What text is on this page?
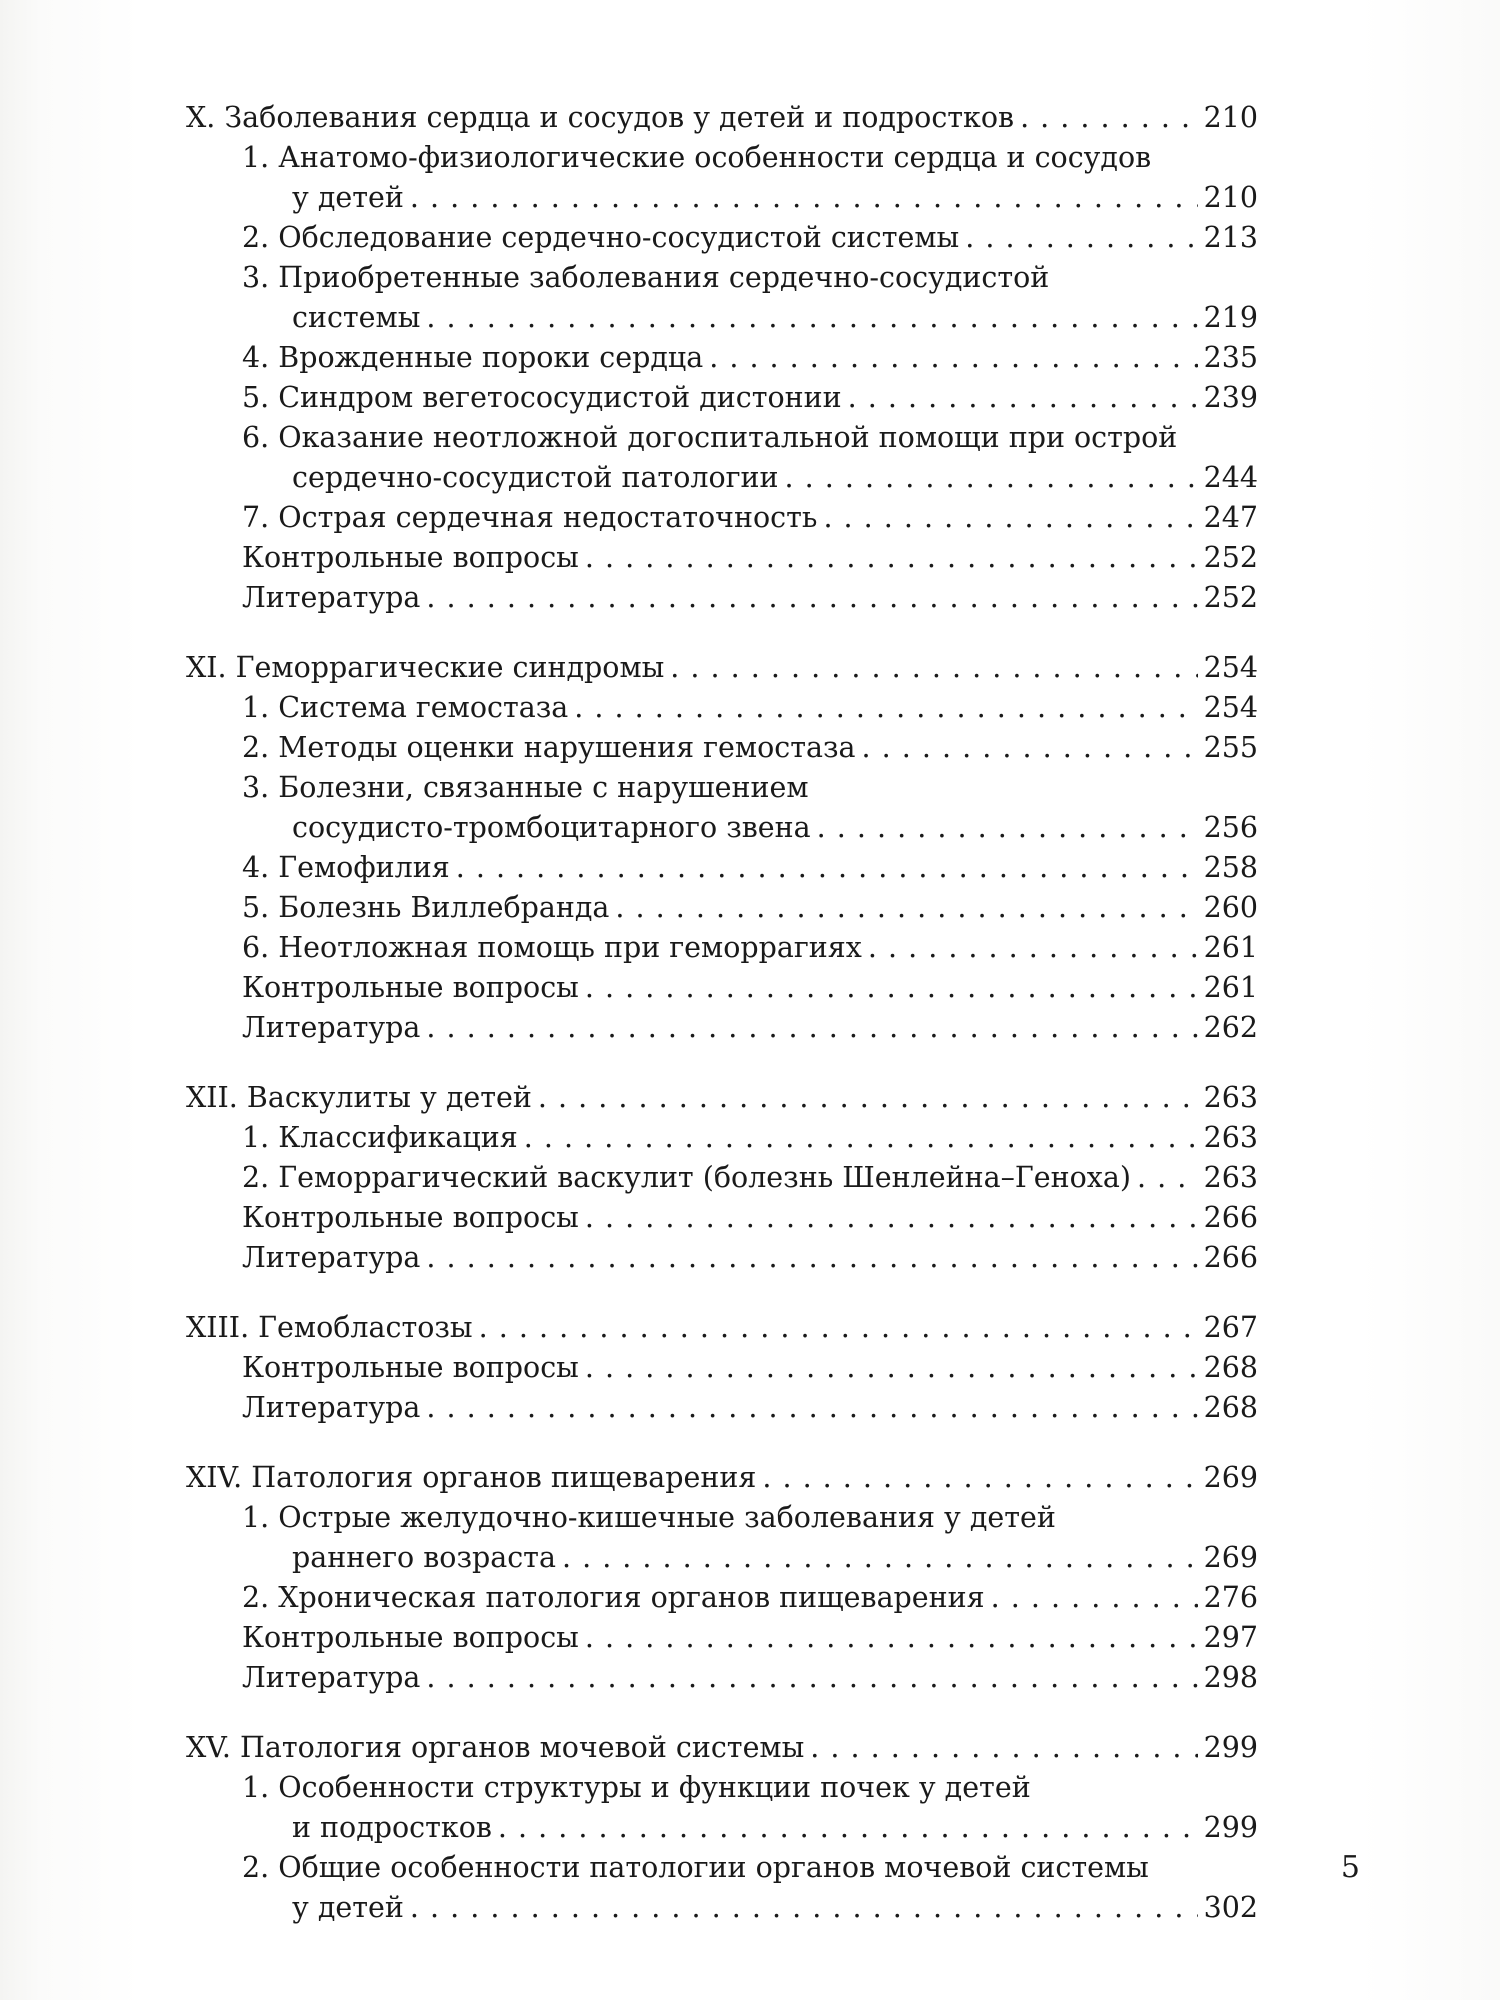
X. Заболевания сердца и сосудов у детей и подростков . . .	210
1. Анатомо-физиологические особенности сердца и сосудов
у детей . . .	210
2. Обследование сердечно-сосудистой системы . . .	213
3. Приобретенные заболевания сердечно-сосудистой
системы . . .	219
4. Врожденные пороки сердца . . .	235
5. Синдром вегетососудистой дистонии . . .	239
6. Оказание неотложной догоспитальной помощи при острой
сердечно-сосудистой патологии . . .	244
7. Острая сердечная недостаточность . . .	247
Контрольные вопросы . . .	252
Литература . . .	252
XI. Геморрагические синдромы . . .	254
1. Система гемостаза . . .	254
2. Методы оценки нарушения гемостаза . . .	255
3. Болезни, связанные с нарушением
сосудисто-тромбоцитарного звена . . .	256
4. Гемофилия . . .	258
5. Болезнь Виллебранда . . .	260
6. Неотложная помощь при геморрагиях . . .	261
Контрольные вопросы . . .	261
Литература . . .	262
XII. Васкулиты у детей . . .	263
1. Классификация . . .	263
2. Геморрагический васкулит (болезнь Шенлейна–Геноха) . . .	263
Контрольные вопросы . . .	266
Литература . . .	266
XIII. Гемобластозы . . .	267
Контрольные вопросы . . .	268
Литература . . .	268
XIV. Патология органов пищеварения . . .	269
1. Острые желудочно-кишечные заболевания у детей
раннего возраста . . .	269
2. Хроническая патология органов пищеварения . . .	276
Контрольные вопросы . . .	297
Литература . . .	298
XV. Патология органов мочевой системы . . .	299
1. Особенности структуры и функции почек у детей
и подростков . . .	299
2. Общие особенности патологии органов мочевой системы
у детей . . .	302
5
